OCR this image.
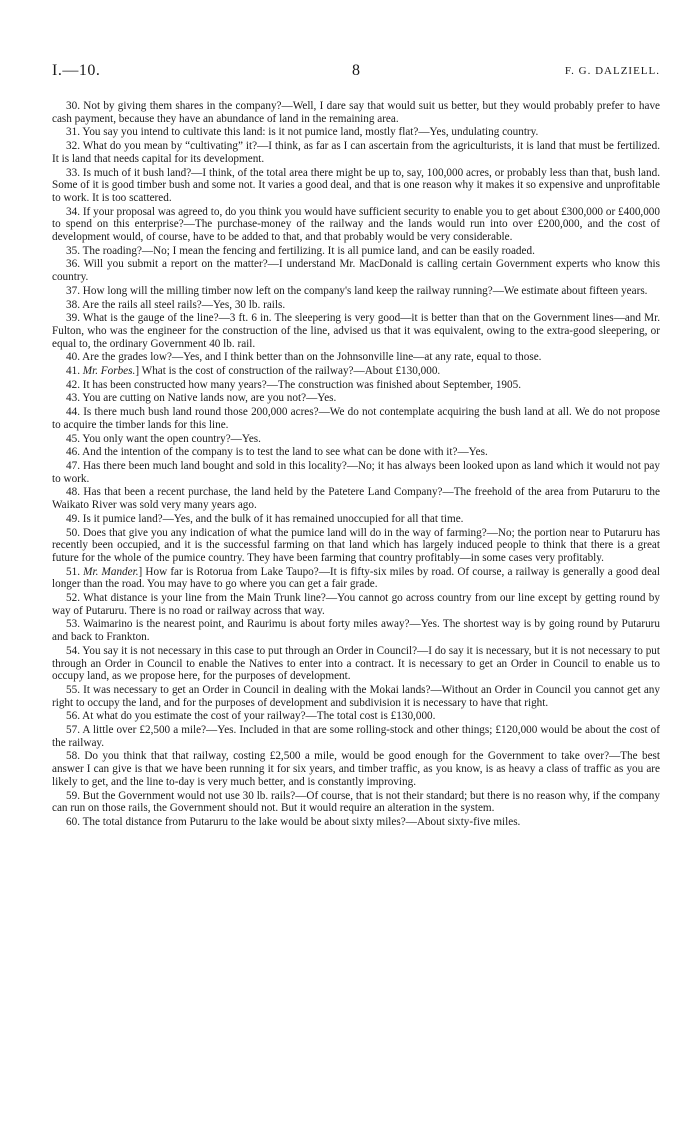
I.—10.	8	F. G. DALZIELL.

30. Not by giving them shares in the company?—Well, I dare say that would suit us better, but they would probably prefer to have cash payment, because they have an abundance of land in the remaining area.

31. You say you intend to cultivate this land: is it not pumice land, mostly flat?—Yes, undulating country.

32. What do you mean by “cultivating” it?—I think, as far as I can ascertain from the agriculturists, it is land that must be fertilized. It is land that needs capital for its development.

33. Is much of it bush land?—I think, of the total area there might be up to, say, 100,000 acres, or probably less than that, bush land. Some of it is good timber bush and some not. It varies a good deal, and that is one reason why it makes it so expensive and unprofitable to work. It is too scattered.

34. If your proposal was agreed to, do you think you would have sufficient security to enable you to get about £300,000 or £400,000 to spend on this enterprise?—The purchase-money of the railway and the lands would run into over £200,000, and the cost of development would, of course, have to be added to that, and that probably would be very considerable.

35. The roading?—No; I mean the fencing and fertilizing. It is all pumice land, and can be easily roaded.

36. Will you submit a report on the matter?—I understand Mr. MacDonald is calling certain Government experts who know this country.

37. How long will the milling timber now left on the company's land keep the railway running?—We estimate about fifteen years.

38. Are the rails all steel rails?—Yes, 30 lb. rails.

39. What is the gauge of the line?—3 ft. 6 in. The sleepering is very good—it is better than that on the Government lines—and Mr. Fulton, who was the engineer for the construction of the line, advised us that it was equivalent, owing to the extra-good sleepering, or equal to, the ordinary Government 40 lb. rail.

40. Are the grades low?—Yes, and I think better than on the Johnsonville line—at any rate, equal to those.

41. Mr. Forbes.] What is the cost of construction of the railway?—About £130,000.

42. It has been constructed how many years?—The construction was finished about September, 1905.

43. You are cutting on Native lands now, are you not?—Yes.

44. Is there much bush land round those 200,000 acres?—We do not contemplate acquiring the bush land at all. We do not propose to acquire the timber lands for this line.

45. You only want the open country?—Yes.

46. And the intention of the company is to test the land to see what can be done with it?—Yes.

47. Has there been much land bought and sold in this locality?—No; it has always been looked upon as land which it would not pay to work.

48. Has that been a recent purchase, the land held by the Patetere Land Company?—The freehold of the area from Putaruru to the Waikato River was sold very many years ago.

49. Is it pumice land?—Yes, and the bulk of it has remained unoccupied for all that time.

50. Does that give you any indication of what the pumice land will do in the way of farming?—No; the portion near to Putaruru has recently been occupied, and it is the successful farming on that land which has largely induced people to think that there is a great future for the whole of the pumice country. They have been farming that country profitably—in some cases very profitably.

51. Mr. Mander.] How far is Rotorua from Lake Taupo?—It is fifty-six miles by road. Of course, a railway is generally a good deal longer than the road. You may have to go where you can get a fair grade.

52. What distance is your line from the Main Trunk line?—You cannot go across country from our line except by getting round by way of Putaruru. There is no road or railway across that way.

53. Waimarino is the nearest point, and Raurimu is about forty miles away?—Yes. The shortest way is by going round by Putaruru and back to Frankton.

54. You say it is not necessary in this case to put through an Order in Council?—I do say it is necessary, but it is not necessary to put through an Order in Council to enable the Natives to enter into a contract. It is necessary to get an Order in Council to enable us to occupy land, as we propose here, for the purposes of development.

55. It was necessary to get an Order in Council in dealing with the Mokai lands?—Without an Order in Council you cannot get any right to occupy the land, and for the purposes of development and subdivision it is necessary to have that right.

56. At what do you estimate the cost of your railway?—The total cost is £130,000.

57. A little over £2,500 a mile?—Yes. Included in that are some rolling-stock and other things; £120,000 would be about the cost of the railway.

58. Do you think that that railway, costing £2,500 a mile, would be good enough for the Government to take over?—The best answer I can give is that we have been running it for six years, and timber traffic, as you know, is as heavy a class of traffic as you are likely to get, and the line to-day is very much better, and is constantly improving.

59. But the Government would not use 30 lb. rails?—Of course, that is not their standard; but there is no reason why, if the company can run on those rails, the Government should not. But it would require an alteration in the system.

60. The total distance from Putaruru to the lake would be about sixty miles?—About sixty-five miles.
